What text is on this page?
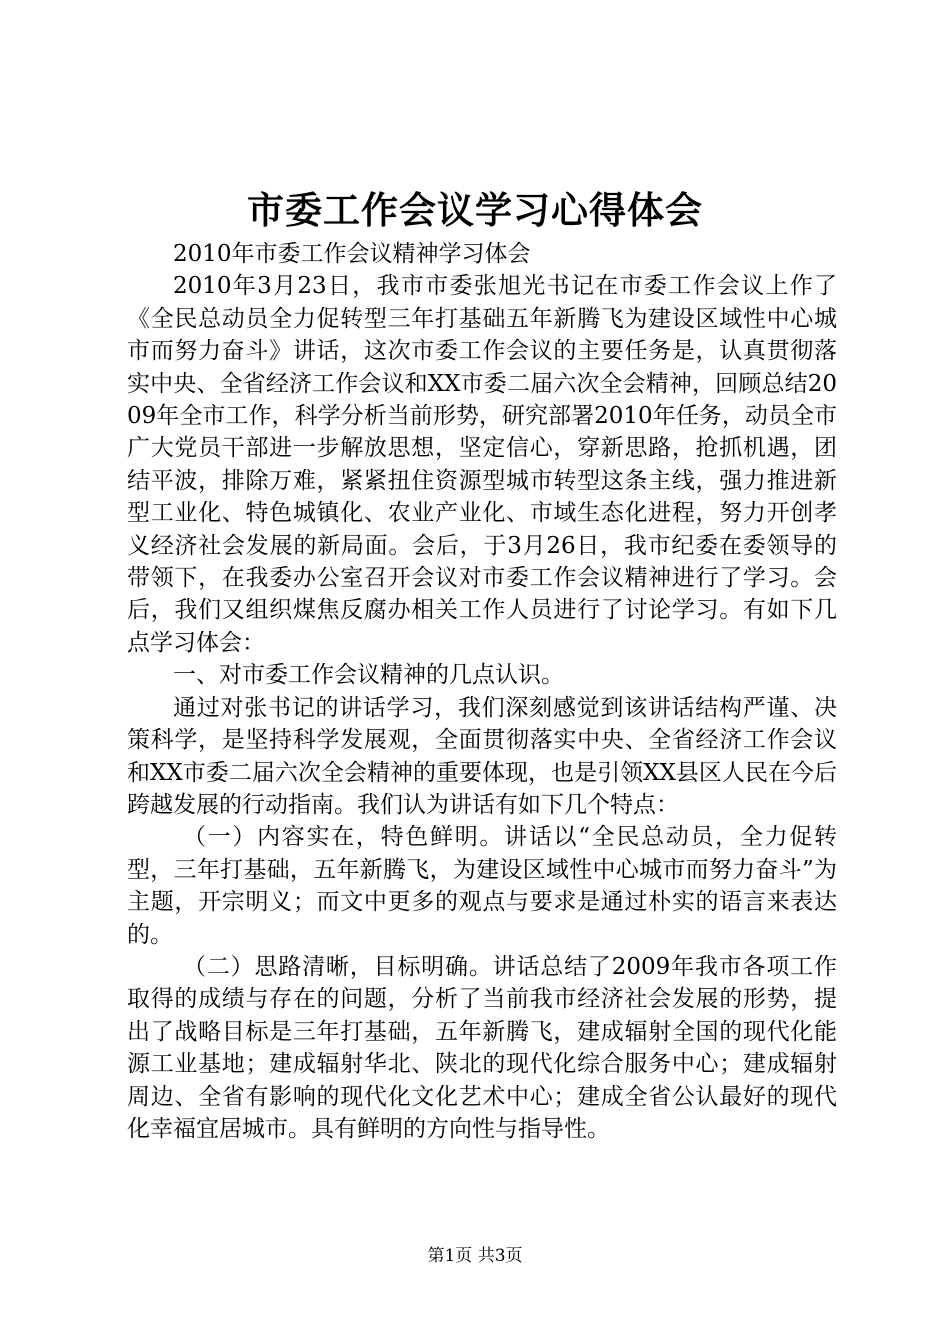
市委工作会议学习心得体会

2010年市委工作会议精神学习体会

2010年3月23日，我市市委张旭光书记在市委工作会议上作了《全民总动员全力促转型三年打基础五年新腾飞为建设区域性中心城市而努力奋斗》讲话，这次市委工作会议的主要任务是，认真贯彻落实中央、全省经济工作会议和XX市委二届六次全会精神，回顾总结2009年全市工作，科学分析当前形势，研究部署2010年任务，动员全市广大党员干部进一步解放思想，坚定信心，穿新思路，抢抓机遇，团结平波，排除万难，紧紧扭住资源型城市转型这条主线，强力推进新型工业化、特色城镇化、农业产业化、市域生态化进程，努力开创孝义经济社会发展的新局面。会后，于3月26日，我市纪委在委领导的带领下，在我委办公室召开会议对市委工作会议精神进行了学习。会后，我们又组织煤焦反腐办相关工作人员进行了讨论学习。有如下几点学习体会：

一、对市委工作会议精神的几点认识。

通过对张书记的讲话学习，我们深刻感觉到该讲话结构严谨、决策科学，是坚持科学发展观，全面贯彻落实中央、全省经济工作会议和XX市委二届六次全会精神的重要体现，也是引领XX县区人民在今后跨越发展的行动指南。我们认为讲话有如下几个特点：

（一）内容实在，特色鲜明。讲话以“全民总动员，全力促转型，三年打基础，五年新腾飞，为建设区域性中心城市而努力奋斗”为主题，开宗明义；而文中更多的观点与要求是通过朴实的语言来表达的。

（二）思路清晰，目标明确。讲话总结了2009年我市各项工作取得的成绩与存在的问题，分析了当前我市经济社会发展的形势，提出了战略目标是三年打基础，五年新腾飞，建成辐射全国的现代化能源工业基地；建成辐射华北、陕北的现代化综合服务中心；建成辐射周边、全省有影响的现代化文化艺术中心；建成全省公认最好的现代化幸福宜居城市。具有鲜明的方向性与指导性。

第1页 共3页
